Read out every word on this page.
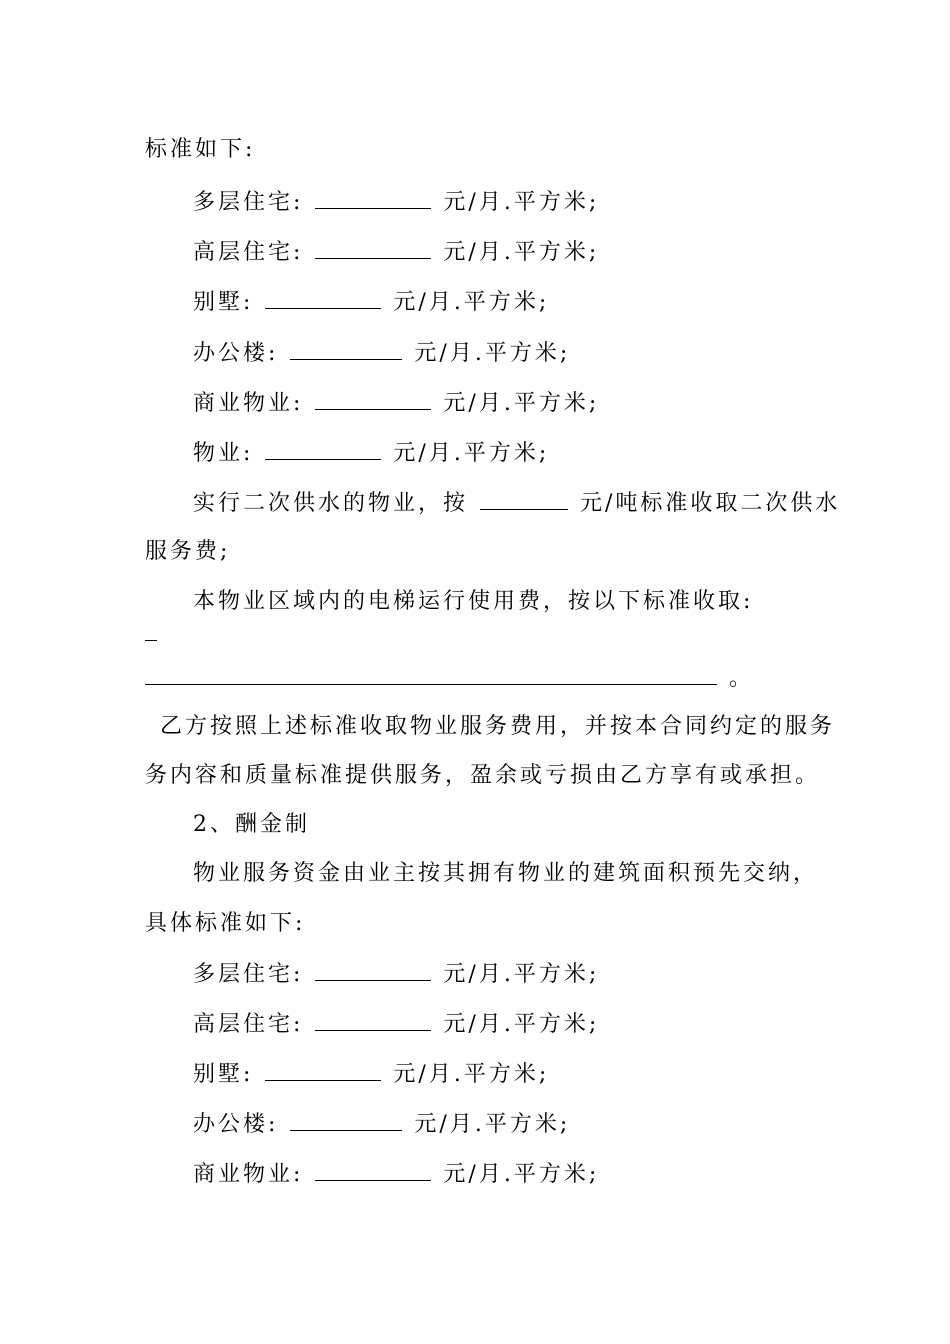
标准如下:
多层住宅:	元/月.平方米;
高层住宅:	元/月.平方米;
别墅:	元/月.平方米;
办公楼:	元/月.平方米;
商业物业:	元/月.平方米;
物业:	元/月.平方米;
实行二次供水的物业，按	元/吨标准收取二次供水
服务费;
本物业区域内的电梯运行使用费，按以下标准收取:
。
乙方按照上述标准收取物业服务费用，并按本合同约定的服务
务内容和质量标准提供服务，盈余或亏损由乙方享有或承担。
2、酬金制
物业服务资金由业主按其拥有物业的建筑面积预先交纳，
具体标准如下:
多层住宅:	元/月.平方米;
高层住宅:	元/月.平方米;
别墅:	元/月.平方米;
办公楼:	元/月.平方米;
商业物业:	元/月.平方米;
